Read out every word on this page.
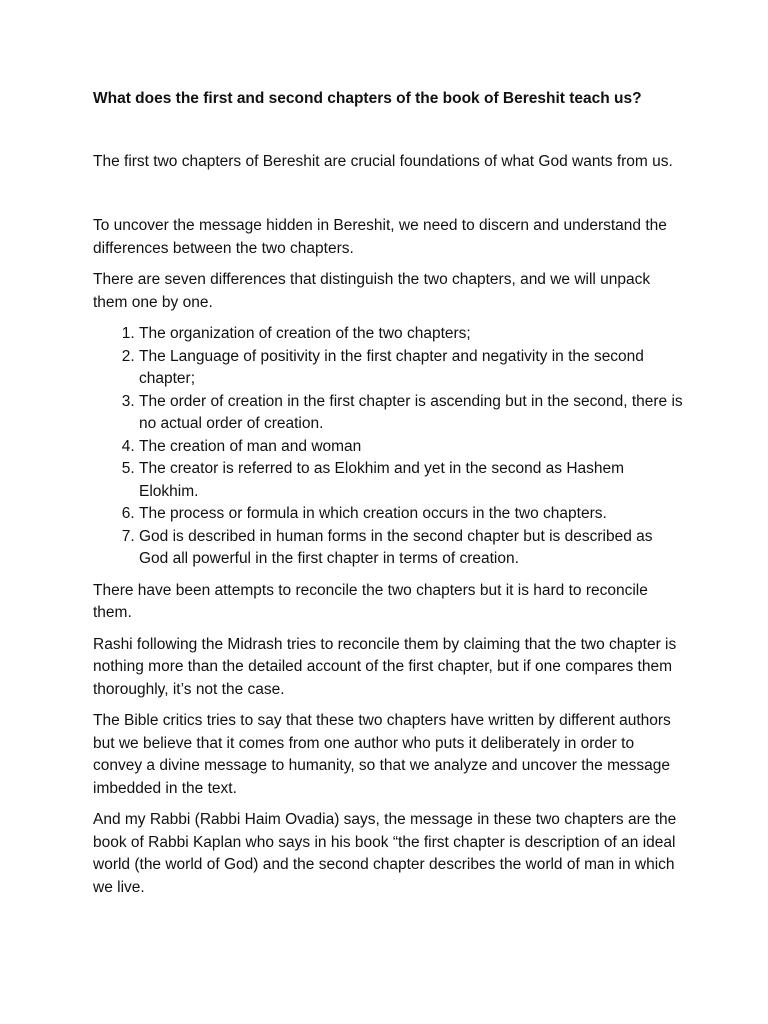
What does the first and second chapters of the book of Bereshit teach us?

The first two chapters of Bereshit are crucial foundations of what God wants from us.

To uncover the message hidden in Bereshit, we need to discern and understand the differences between the two chapters.

There are seven differences that distinguish the two chapters, and we will unpack them one by one.

1. The organization of creation of the two chapters;
2. The Language of positivity in the first chapter and negativity in the second chapter;
3. The order of creation in the first chapter is ascending but in the second, there is no actual order of creation.
4. The creation of man and woman
5. The creator is referred to as Elokhim and yet in the second as Hashem Elokhim.
6. The process or formula in which creation occurs in the two chapters.
7. God is described in human forms in the second chapter but is described as God all powerful in the first chapter in terms of creation.

There have been attempts to reconcile the two chapters but it is hard to reconcile them.

Rashi following the Midrash tries to reconcile them by claiming that the two chapter is nothing more than the detailed account of the first chapter, but if one compares them thoroughly, it’s not the case.

The Bible critics tries to say that these two chapters have written by different authors but we believe that it comes from one author who puts it deliberately in order to convey a divine message to humanity, so that we analyze and uncover the message imbedded in the text.

And my Rabbi (Rabbi Haim Ovadia) says, the message in these two chapters are the book of Rabbi Kaplan who says in his book “the first chapter is description of an ideal world (the world of God) and the second chapter describes the world of man in which we live.
